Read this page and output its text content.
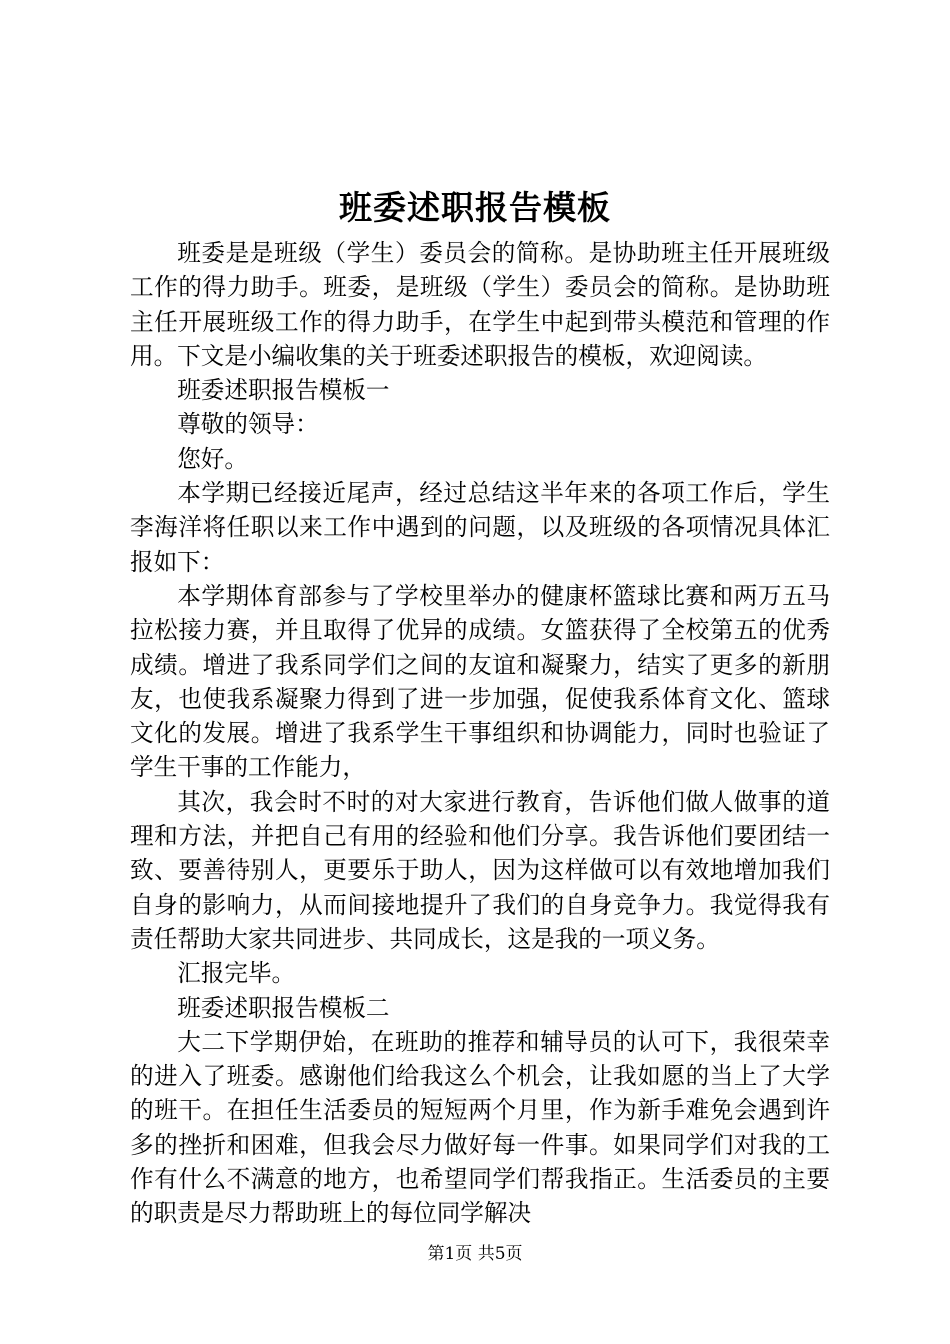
班委述职报告模板

班委是是班级（学生）委员会的简称。是协助班主任开展班级工作的得力助手。班委，是班级（学生）委员会的简称。是协助班主任开展班级工作的得力助手，在学生中起到带头模范和管理的作用。下文是小编收集的关于班委述职报告的模板，欢迎阅读。

班委述职报告模板一

尊敬的领导：

您好。

本学期已经接近尾声，经过总结这半年来的各项工作后，学生李海洋将任职以来工作中遇到的问题，以及班级的各项情况具体汇报如下：

本学期体育部参与了学校里举办的健康杯篮球比赛和两万五马拉松接力赛，并且取得了优异的成绩。女篮获得了全校第五的优秀成绩。增进了我系同学们之间的友谊和凝聚力，结实了更多的新朋友，也使我系凝聚力得到了进一步加强，促使我系体育文化、篮球文化的发展。增进了我系学生干事组织和协调能力，同时也验证了学生干事的工作能力，

其次，我会时不时的对大家进行教育，告诉他们做人做事的道理和方法，并把自己有用的经验和他们分享。我告诉他们要团结一致、要善待别人，更要乐于助人，因为这样做可以有效地增加我们自身的影响力，从而间接地提升了我们的自身竞争力。我觉得我有责任帮助大家共同进步、共同成长，这是我的一项义务。

汇报完毕。

班委述职报告模板二

大二下学期伊始，在班助的推荐和辅导员的认可下，我很荣幸的进入了班委。感谢他们给我这么个机会，让我如愿的当上了大学的班干。在担任生活委员的短短两个月里，作为新手难免会遇到许多的挫折和困难，但我会尽力做好每一件事。如果同学们对我的工作有什么不满意的地方，也希望同学们帮我指正。生活委员的主要的职责是尽力帮助班上的每位同学解决

第1页 共5页
